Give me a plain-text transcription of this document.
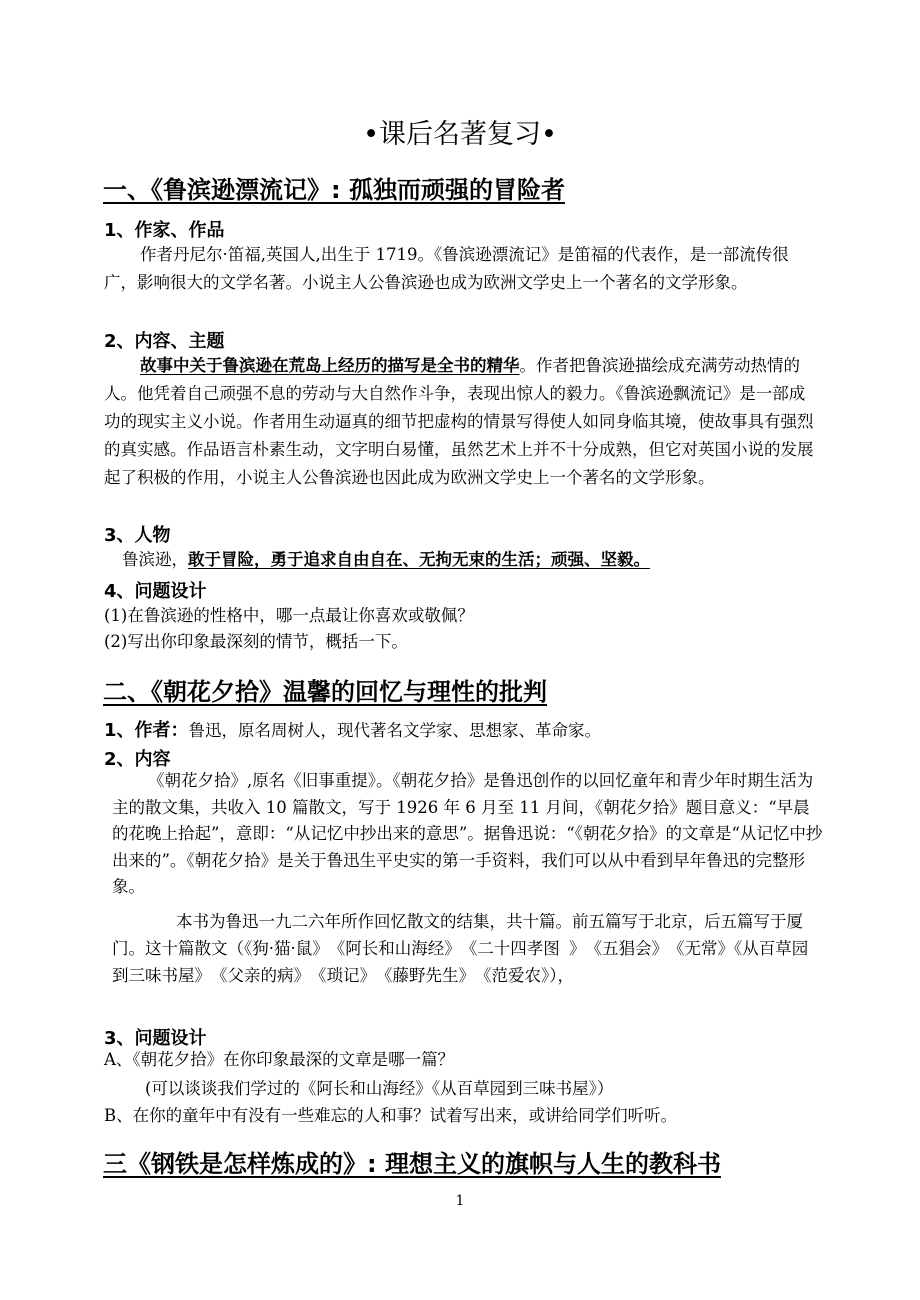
•课后名著复习•
一、《鲁滨逊漂流记》: 孤独而顽强的冒险者
1、作家、作品
作者丹尼尔·笛福,英国人,出生于 1719。《鲁滨逊漂流记》是笛福的代表作，是一部流传很广，影响很大的文学名著。小说主人公鲁滨逊也成为欧洲文学史上一个著名的文学形象。
2、内容、主题
故事中关于鲁滨逊在荒岛上经历的描写是全书的精华。作者把鲁滨逊描绘成充满劳动热情的人。他凭着自己顽强不息的劳动与大自然作斗争，表现出惊人的毅力。《鲁滨逊飘流记》是一部成功的现实主义小说。作者用生动逼真的细节把虚构的情景写得使人如同身临其境，使故事具有强烈的真实感。作品语言朴素生动，文字明白易懂，虽然艺术上并不十分成熟，但它对英国小说的发展起了积极的作用，小说主人公鲁滨逊也因此成为欧洲文学史上一个著名的文学形象。
3、人物
鲁滨逊，敢于冒险，勇于追求自由自在、无拘无束的生活；顽强、坚毅。
4、问题设计
(1)在鲁滨逊的性格中，哪一点最让你喜欢或敬佩？
(2)写出你印象最深刻的情节，概括一下。
二、《朝花夕拾》温馨的回忆与理性的批判
1、作者：鲁迅，原名周树人，现代著名文学家、思想家、革命家。
2、内容
《朝花夕拾》,原名《旧事重提》。《朝花夕拾》是鲁迅创作的以回忆童年和青少年时期生活为主的散文集，共收入 10 篇散文，写于 1926 年 6 月至 11 月间，《朝花夕拾》题目意义：“早晨的花晚上拾起”，意即：“从记忆中抄出来的意思”。据鲁迅说：“《朝花夕拾》的文章是“从记忆中抄出来的”。《朝花夕拾》是关于鲁迅生平史实的第一手资料，我们可以从中看到早年鲁迅的完整形象。
本书为鲁迅一九二六年所作回忆散文的结集，共十篇。前五篇写于北京，后五篇写于厦门。这十篇散文（《狗·猫·鼠》　《阿长和山海经》　《二十四孝图 》　《五猖会》　《无常》《从百草园到三味书屋》　《父亲的病》　《琐记》　《藤野先生》　《范爱农》），
3、问题设计
A、《朝花夕拾》在你印象最深的文章是哪一篇？
(可以谈谈我们学过的《阿长和山海经》《从百草园到三味书屋》）
B、在你的童年中有没有一些难忘的人和事？试着写出来，或讲给同学们听听。
三《钢铁是怎样炼成的》: 理想主义的旗帜与人生的教科书
1
